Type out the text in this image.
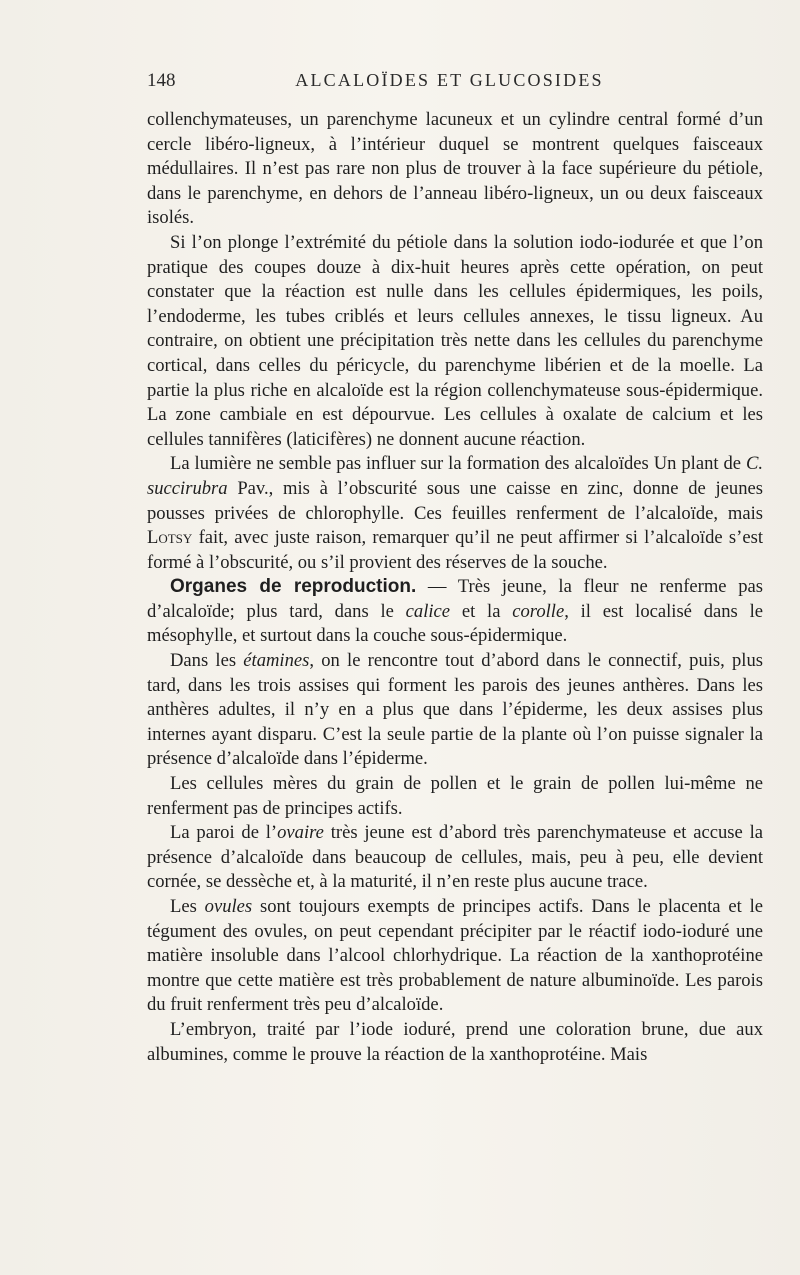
148	ALCALOÏDES ET GLUCOSIDES

collenchymateuses, un parenchyme lacuneux et un cylindre central formé d’un cercle libéro-ligneux, à l’intérieur duquel se montrent quelques faisceaux médullaires. Il n’est pas rare non plus de trouver à la face supérieure du pétiole, dans le parenchyme, en dehors de l’anneau libéro-ligneux, un ou deux faisceaux isolés.

Si l’on plonge l’extrémité du pétiole dans la solution iodo-iodurée et que l’on pratique des coupes douze à dix-huit heures après cette opération, on peut constater que la réaction est nulle dans les cellules épidermiques, les poils, l’endoderme, les tubes criblés et leurs cellules annexes, le tissu ligneux. Au contraire, on obtient une précipitation très nette dans les cellules du parenchyme cortical, dans celles du péricycle, du parenchyme libérien et de la moelle. La partie la plus riche en alcaloïde est la région collenchymateuse sous-épidermique. La zone cambiale en est dépourvue. Les cellules à oxalate de calcium et les cellules tannifères (laticifères) ne donnent aucune réaction.

La lumière ne semble pas influer sur la formation des alcaloïdes Un plant de C. succirubra Pav., mis à l’obscurité sous une caisse en zinc, donne de jeunes pousses privées de chlorophylle. Ces feuilles renferment de l’alcaloïde, mais Lotsy fait, avec juste raison, remarquer qu’il ne peut affirmer si l’alcaloïde s’est formé à l’obscurité, ou s’il provient des réserves de la souche.

Organes de reproduction. — Très jeune, la fleur ne renferme pas d’alcaloïde; plus tard, dans le calice et la corolle, il est localisé dans le mésophylle, et surtout dans la couche sous-épidermique.

Dans les étamines, on le rencontre tout d’abord dans le connectif, puis, plus tard, dans les trois assises qui forment les parois des jeunes anthères. Dans les anthères adultes, il n’y en a plus que dans l’épiderme, les deux assises plus internes ayant disparu. C’est la seule partie de la plante où l’on puisse signaler la présence d’alcaloïde dans l’épiderme.

Les cellules mères du grain de pollen et le grain de pollen lui-même ne renferment pas de principes actifs.

La paroi de l’ovaire très jeune est d’abord très parenchymateuse et accuse la présence d’alcaloïde dans beaucoup de cellules, mais, peu à peu, elle devient cornée, se dessèche et, à la maturité, il n’en reste plus aucune trace.

Les ovules sont toujours exempts de principes actifs. Dans le placenta et le tégument des ovules, on peut cependant précipiter par le réactif iodo-ioduré une matière insoluble dans l’alcool chlorhydrique. La réaction de la xanthoprotéine montre que cette matière est très probablement de nature albuminoïde. Les parois du fruit renferment très peu d’alcaloïde.

L’embryon, traité par l’iode ioduré, prend une coloration brune, due aux albumines, comme le prouve la réaction de la xanthoprotéine. Mais
